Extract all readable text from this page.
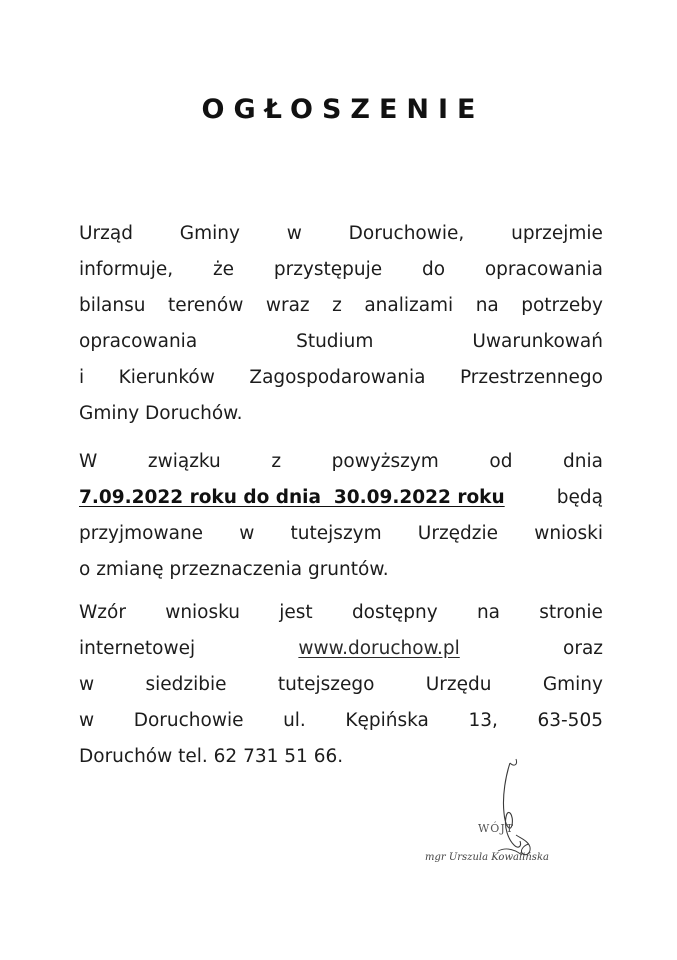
OGŁOSZENIE
Urząd	Gminy	w	Doruchowie,	uprzejmie
informuje, że przystępuje do opracowania
bilansu terenów wraz z analizami na potrzeby
opracowania	Studium	Uwarunkowań
i Kierunków Zagospodarowania Przestrzennego
Gminy Doruchów.
W	związku	z	powyższym	od	dnia
7.09.2022 roku do dnia  30.09.2022 roku	będą
przyjmowane w tutejszym Urzędzie wnioski
o zmianę przeznaczenia gruntów.
Wzór wniosku jest dostępny na stronie
internetowej	www.doruchow.pl	oraz
w	siedzibie	tutejszego	Urzędu	Gminy
w Doruchowie ul. Kępińska 13, 63-505
Doruchów tel. 62 731 51 66.
WÓJT
mgr Urszula Kowalińska
